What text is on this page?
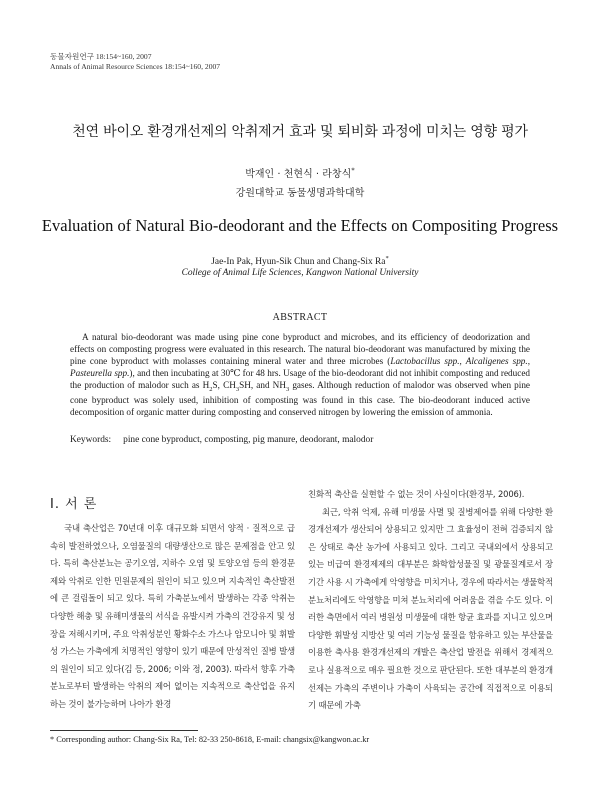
동물자원연구 18:154~160, 2007
Annals of Animal Resource Sciences 18:154~160, 2007
천연 바이오 환경개선제의 악취제거 효과 및 퇴비화 과정에 미치는 영향 평가
박재인 · 천현식 · 라창식*
강원대학교 동물생명과학대학
Evaluation of Natural Bio-deodorant and the Effects on Compositing Progress
Jae-In Pak, Hyun-Sik Chun and Chang-Six Ra*
College of Animal Life Sciences, Kangwon National University
ABSTRACT
A natural bio-deodorant was made using pine cone byproduct and microbes, and its efficiency of deodorization and effects on composting progress were evaluated in this research. The natural bio-deodorant was manufactured by mixing the pine cone byproduct with molasses containing mineral water and three microbes (Lactobacillus spp., Alcaligenes spp., Pasteurella spp.), and then incubating at 30℃ for 48 hrs. Usage of the bio-deodorant did not inhibit composting and reduced the production of malodor such as $H_2S$, $CH_3SH$, and $NH_3$ gases. Although reduction of malodor was observed when pine cone byproduct was solely used, inhibition of composting was found in this case. The bio-deodorant induced active decomposition of organic matter during composting and conserved nitrogen by lowering the emission of ammonia.
Keywords: pine cone byproduct, composting, pig manure, deodorant, malodor
I. 서 론

국내 축산업은 70년대 이후 대규모화 되면서 양적 · 질적으로 급속히 발전하였으나, 오염물질의 대량생산으로 많은 문제점을 안고 있다. 특히 축산분뇨는 공기오염, 지하수 오염 및 토양오염 등의 환경문제와 악취로 인한 민원문제의 원인이 되고 있으며 지속적인 축산발전에 큰 걸림돌이 되고 있다. 특히 가축분뇨에서 발생하는 각종 악취는 다양한 해충 및 유해미생물의 서식을 유발시켜 가축의 건강유지 및 성장을 저해시키며, 주요 악취성분인 황화수소 가스나 암모니아 및 휘발성 가스는 가축에게 치명적인 영향이 있기 때문에 만성적인 질병 발생의 원인이 되고 있다(김 등, 2006; 이와 정, 2003). 따라서 향후 가축분뇨로부터 발생하는 악취의 제어 없이는 지속적으로 축산업을 유지하는 것이 불가능하며 나아가 환경

친화적 축산을 실현할 수 없는 것이 사실이다(환경부, 2006).

최근, 악취 억제, 유해 미생물 사멸 및 질병제어를 위해 다양한 환경개선제가 생산되어 상용되고 있지만 그 효율성이 전혀 검증되지 않은 상태로 축산 농가에 사용되고 있다. 그리고 국내외에서 상용되고 있는 비급여 환경제제의 대부분은 화학합성물질 및 광물질계로서 장기간 사용 시 가축에게 악영향을 미치거나, 경우에 따라서는 생물학적 분뇨처리에도 악영향을 미쳐 분뇨처리에 어려움을 겪을 수도 있다. 이러한 측면에서 여러 병원성 미생물에 대한 항균 효과를 지니고 있으며 다양한 휘발성 지방산 및 여러 기능성 물질을 함유하고 있는 부산물을 이용한 축사용 환경개선제의 개발은 축산업 발전을 위해서 경제적으로나 실용적으로 매우 필요한 것으로 판단된다. 또한 대부분의 환경개선제는 가축의 주변이나 가축이 사육되는 공간에 직접적으로 이용되기 때문에 가축

* Corresponding author: Chang-Six Ra, Tel: 82-33 250-8618, E-mail: changsix@kangwon.ac.kr
